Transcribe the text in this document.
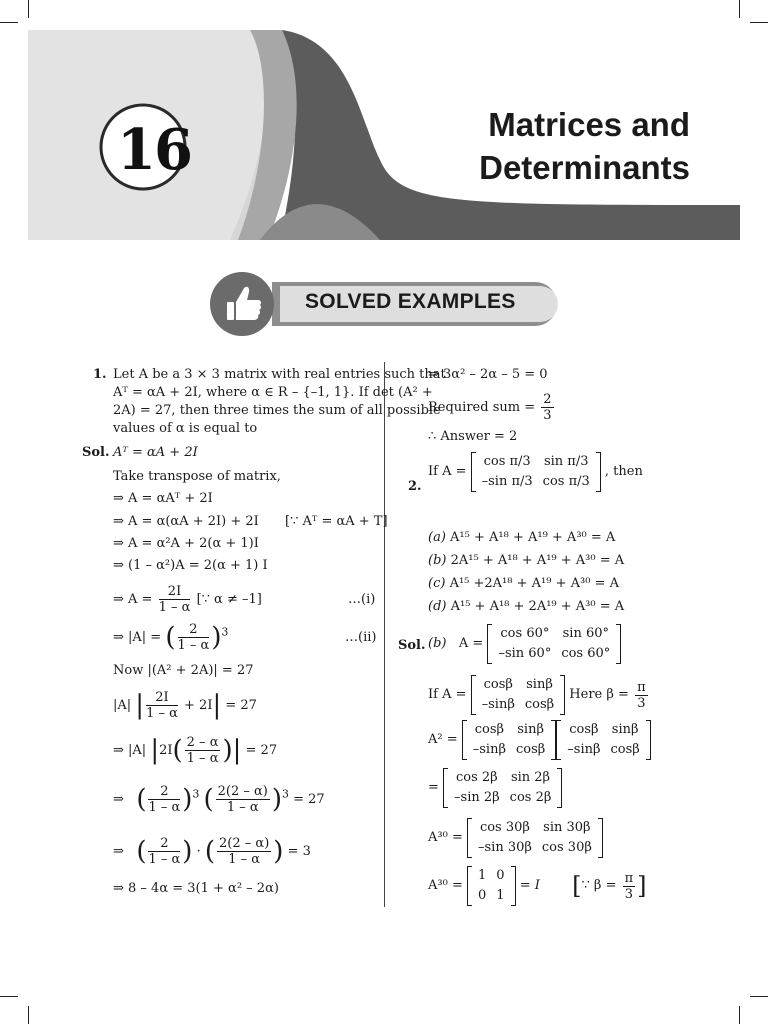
16	Matrices and
Determinants
SOLVED EXAMPLES
1. Let A be a 3 × 3 matrix with real entries such that
Aᵀ = αA + 2I, where α ∈ R – {–1, 1}. If det (A² +
2A) = 27, then three times the sum of all possible
values of α is equal to
Sol. Aᵀ = αA + 2I
Take transpose of matrix,
⇒ A = αAᵀ + 2I
⇒ A = α(αA + 2I) + 2I [∵ Aᵀ = αA + T]
⇒ A = α²A + 2(α + 1)I
⇒ (1 – α²)A = 2(α + 1) I
⇒ $A = \frac{2I}{1 - \alpha}$ [∵ α ≠ –1]	…(i)
⇒ |A| = ( $\frac{2}{1 - \alpha} )^3$	…(ii)
Now |(A² + 2A)| = 27
|A| | $\frac{2I}{1 - \alpha} + 2I| = 27$
⇒ |A| $|2I( \frac{2 - \alpha}{1 - \alpha}$ )| = 27
⇒ ( $\frac{2}{1 - \alpha} )^3$ ( $\frac{2(2 - \alpha)}{1 - \alpha} )^3 = 27$
⇒ ( $\frac{2}{1 - \alpha}$ ) · ( $\frac{2(2 - \alpha)}{1 - \alpha}$ ) = 3
⇒ 8 – 4α = 3(1 + α² – 2α)
⇒ 3α² – 2α – 5 = 0
Required sum = $\frac{2}{3}$
∴ Answer = 2
2.
If A =
cos π/3	sin π/3
–sin π/3	cos π/3
, then
(a) A¹⁵ + A¹⁸ + A¹⁹ + A³⁰ = A
(b) 2A¹⁵ + A¹⁸ + A¹⁹ + A³⁰ = A
(c) A¹⁵ +2A¹⁸ + A¹⁹ + A³⁰ = A
(d) A¹⁵ + A¹⁸ + 2A¹⁹ + A³⁰ = A
Sol. (b) A =
cos 60°	sin 60°
–sin 60°	cos 60°
If A =
cosβ	sinβ
–sinβ	cosβ
Here $\beta = \frac{\pi}{3}$
A² =
cosβ	sinβ
–sinβ	cosβ
cosβ	sinβ
–sinβ	cosβ
=
cos 2β	sin 2β
–sin 2β	cos 2β
A³⁰ =
cos 30β	sin 30β
–sin 30β	cos 30β
A³⁰ =
1	0
0	1
= I [∵ $\beta = \frac{\pi}{3}$ ]
